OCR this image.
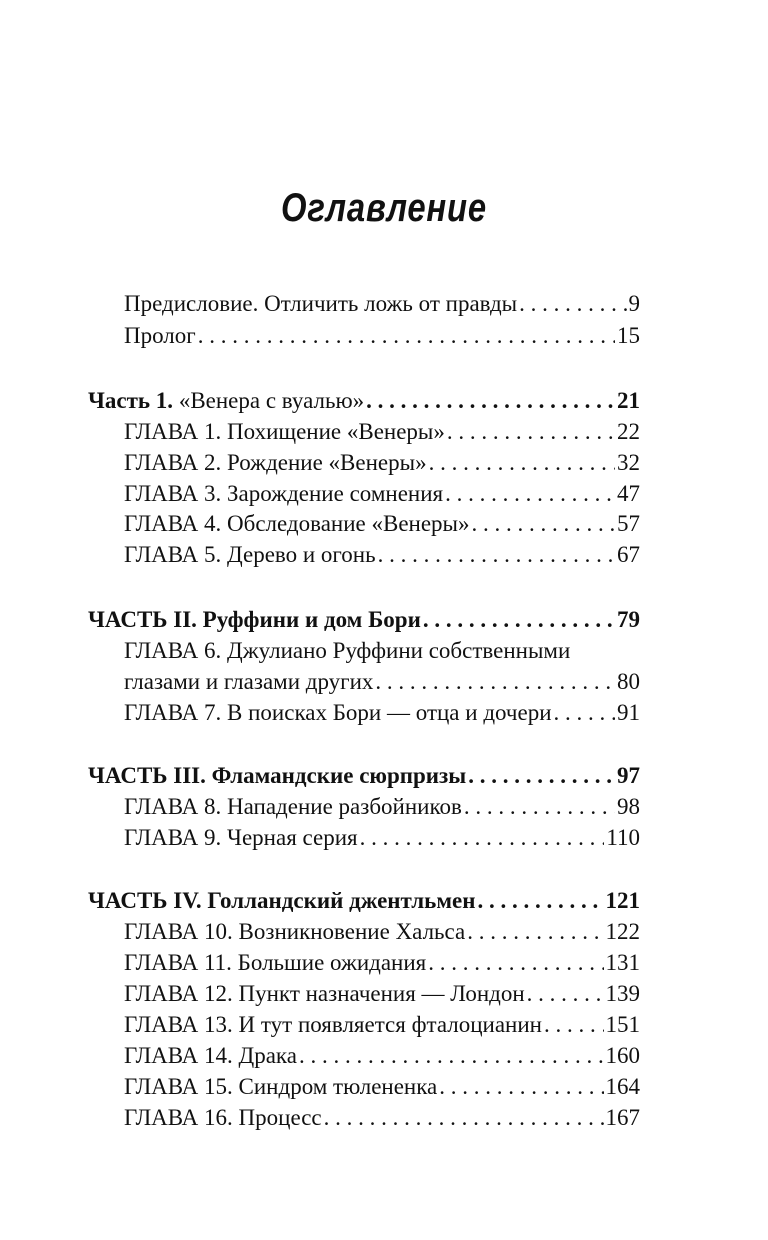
Оглавление
Предисловие. Отличить ложь от правды . . .	9
Пролог . . .	15
Часть 1. «Венера с вуалью» . . .	21
ГЛАВА 1. Похищение «Венеры» . . .	22
ГЛАВА 2. Рождение «Венеры» . . .	32
ГЛАВА 3. Зарождение сомнения . . .	47
ГЛАВА 4. Обследование «Венеры» . . .	57
ГЛАВА 5. Дерево и огонь . . .	67
ЧАСТЬ II. Руффини и дом Бори . . .	79
ГЛАВА 6. Джулиано Руффини собственными
глазами и глазами других . . .	80
ГЛАВА 7. В поисках Бори — отца и дочери . . .	91
ЧАСТЬ III. Фламандские сюрпризы . . .	97
ГЛАВА 8. Нападение разбойников . . .	98
ГЛАВА 9. Черная серия . . .	110
ЧАСТЬ IV. Голландский джентльмен . . .	121
ГЛАВА 10. Возникновение Хальса . . .	122
ГЛАВА 11. Большие ожидания . . .	131
ГЛАВА 12. Пункт назначения — Лондон . . .	139
ГЛАВА 13. И тут появляется фталоцианин . . .	151
ГЛАВА 14. Драка . . .	160
ГЛАВА 15. Синдром тюлененка . . .	164
ГЛАВА 16. Процесс . . .	167
